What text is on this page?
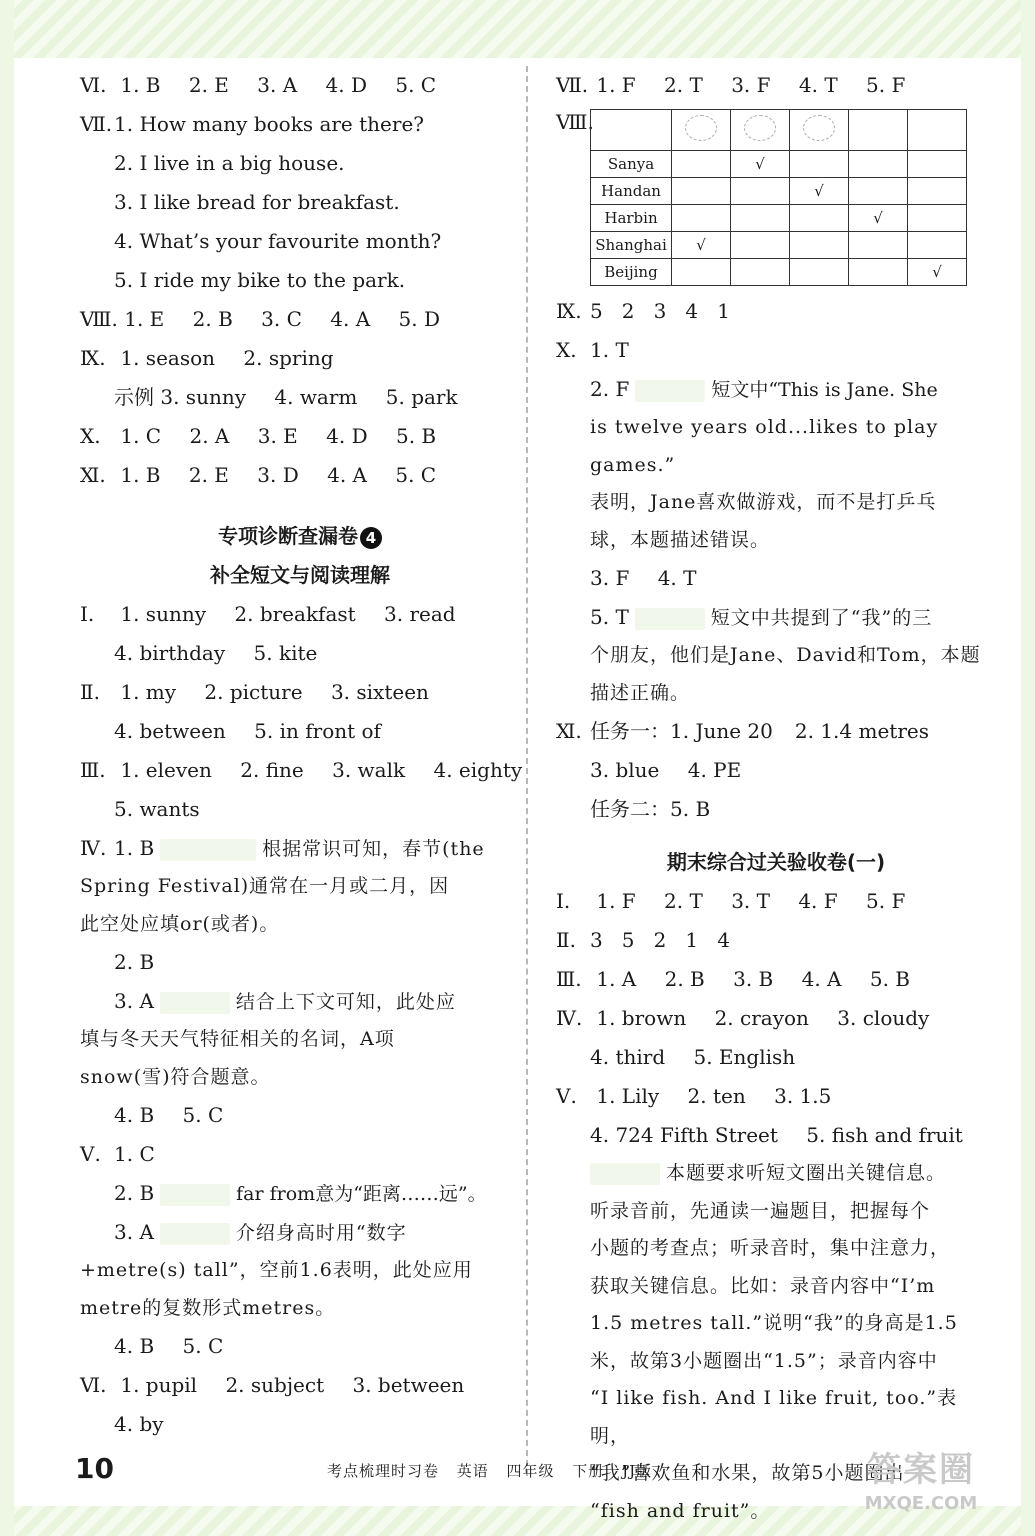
Ⅵ. 1. B 2. E 3. A 4. D 5. C
Ⅶ.1. How many books are there?
2. I live in a big house.
3. I like bread for breakfast.
4. What’s your favourite month?
5. I ride my bike to the park.
Ⅷ. 1. E 2. B 3. C 4. A 5. D
Ⅸ. 1. season 2. spring
示例 3. sunny 4. warm 5. park
Ⅹ. 1. C 2. A 3. E 4. D 5. B
Ⅺ. 1. B 2. E 3. D 4. A 5. C
专项诊断查漏卷 4
补全短文与阅读理解
Ⅰ. 1. sunny 2. breakfast 3. read
4. birthday 5. kite
Ⅱ. 1. my 2. picture 3. sixteen
4. between 5. in front of
Ⅲ. 1. eleven 2. fine 3. walk 4. eighty
5. wants
Ⅳ. 1. B	根据常识可知，春节(the
Spring Festival)通常在一月或二月，因
此空处应填or(或者)。
2. B
3. A	结合上下文可知，此处应
填与冬天天气特征相关的名词，A项
snow(雪)符合题意。
4. B 5. C
Ⅴ. 1. C
2. B	far from意为“距离……远”。
3. A	介绍身高时用“数字
+metre(s) tall”，空前1.6表明，此处应用
metre的复数形式metres。
4. B 5. C
Ⅵ. 1. pupil 2. subject 3. between
4. by
Ⅶ. 1. F 2. T 3. F 4. T 5. F
Ⅷ.

Sanya		√			
Handan			√		
Harbin				√	
Shanghai	√				
Beijing					√
Ⅸ. 5   2   3   4   1
Ⅹ. 1. T
2. F	短文中“This is Jane. She
is twelve years old...likes to play games.”
表明，Jane喜欢做游戏，而不是打乒乓
球，本题描述错误。
3. F 4. T
5. T	短文中共提到了“我”的三
个朋友，他们是Jane、David和Tom，本题
描述正确。
Ⅺ. 任务一：1. June 20 2. 1.4 metres
3. blue 4. PE
任务二：5. B
期末综合过关验收卷(一)
Ⅰ. 1. F 2. T 3. T 4. F 5. F
Ⅱ. 3   5   2   1   4
Ⅲ. 1. A 2. B 3. B 4. A 5. B
Ⅳ. 1. brown 2. crayon 3. cloudy
4. third 5. English
Ⅴ. 1. Lily 2. ten 3. 1.5
4. 724 Fifth Street 5. fish and fruit
本题要求听短文圈出关键信息。
听录音前，先通读一遍题目，把握每个
小题的考查点；听录音时，集中注意力，
获取关键信息。比如：录音内容中“I’m
1.5 metres tall.”说明“我”的身高是1.5
米，故第3小题圈出“1.5”；录音内容中
“I like fish. And I like fruit, too.”表明，
“我”喜欢鱼和水果，故第5小题圈出
“fish and fruit”。
10	考点梳理时习卷 英语 四年级 下册 JJ版	答案圈
MXQE.COM
